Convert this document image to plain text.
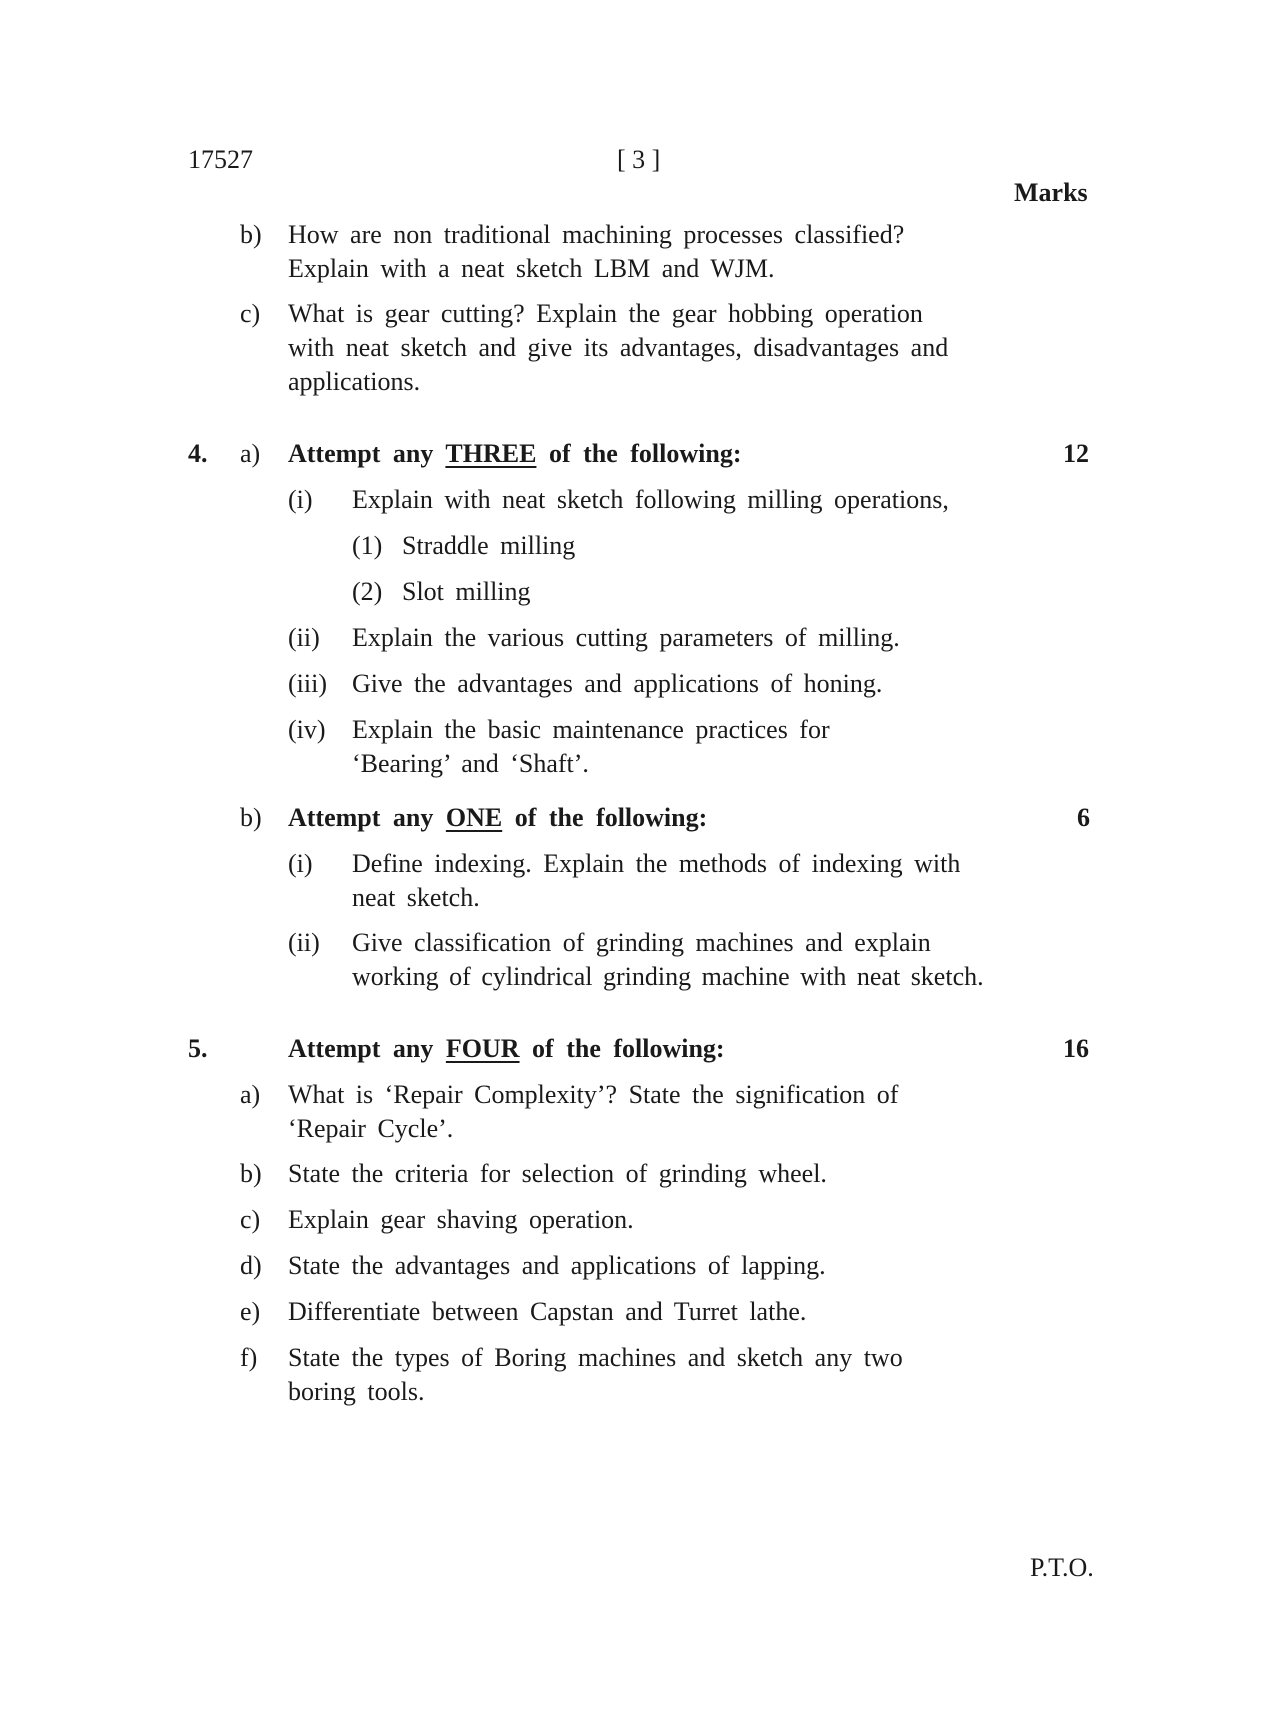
17527	[ 3 ]
Marks
b) How are non traditional machining processes classified?
Explain with a neat sketch LBM and WJM.
c) What is gear cutting? Explain the gear hobbing operation
with neat sketch and give its advantages, disadvantages and
applications.
4. a) Attempt any THREE of the following:	12
(i) Explain with neat sketch following milling operations,
(1) Straddle milling
(2) Slot milling
(ii) Explain the various cutting parameters of milling.
(iii) Give the advantages and applications of honing.
(iv) Explain the basic maintenance practices for
‘Bearing’ and ‘Shaft’.
b) Attempt any ONE of the following:	6
(i) Define indexing. Explain the methods of indexing with
neat sketch.
(ii) Give classification of grinding machines and explain
working of cylindrical grinding machine with neat sketch.
5.	Attempt any FOUR of the following:	16
a) What is ‘Repair Complexity’? State the signification of
‘Repair Cycle’.
b) State the criteria for selection of grinding wheel.
c) Explain gear shaving operation.
d) State the advantages and applications of lapping.
e) Differentiate between Capstan and Turret lathe.
f) State the types of Boring machines and sketch any two
boring tools.
P.T.O.
